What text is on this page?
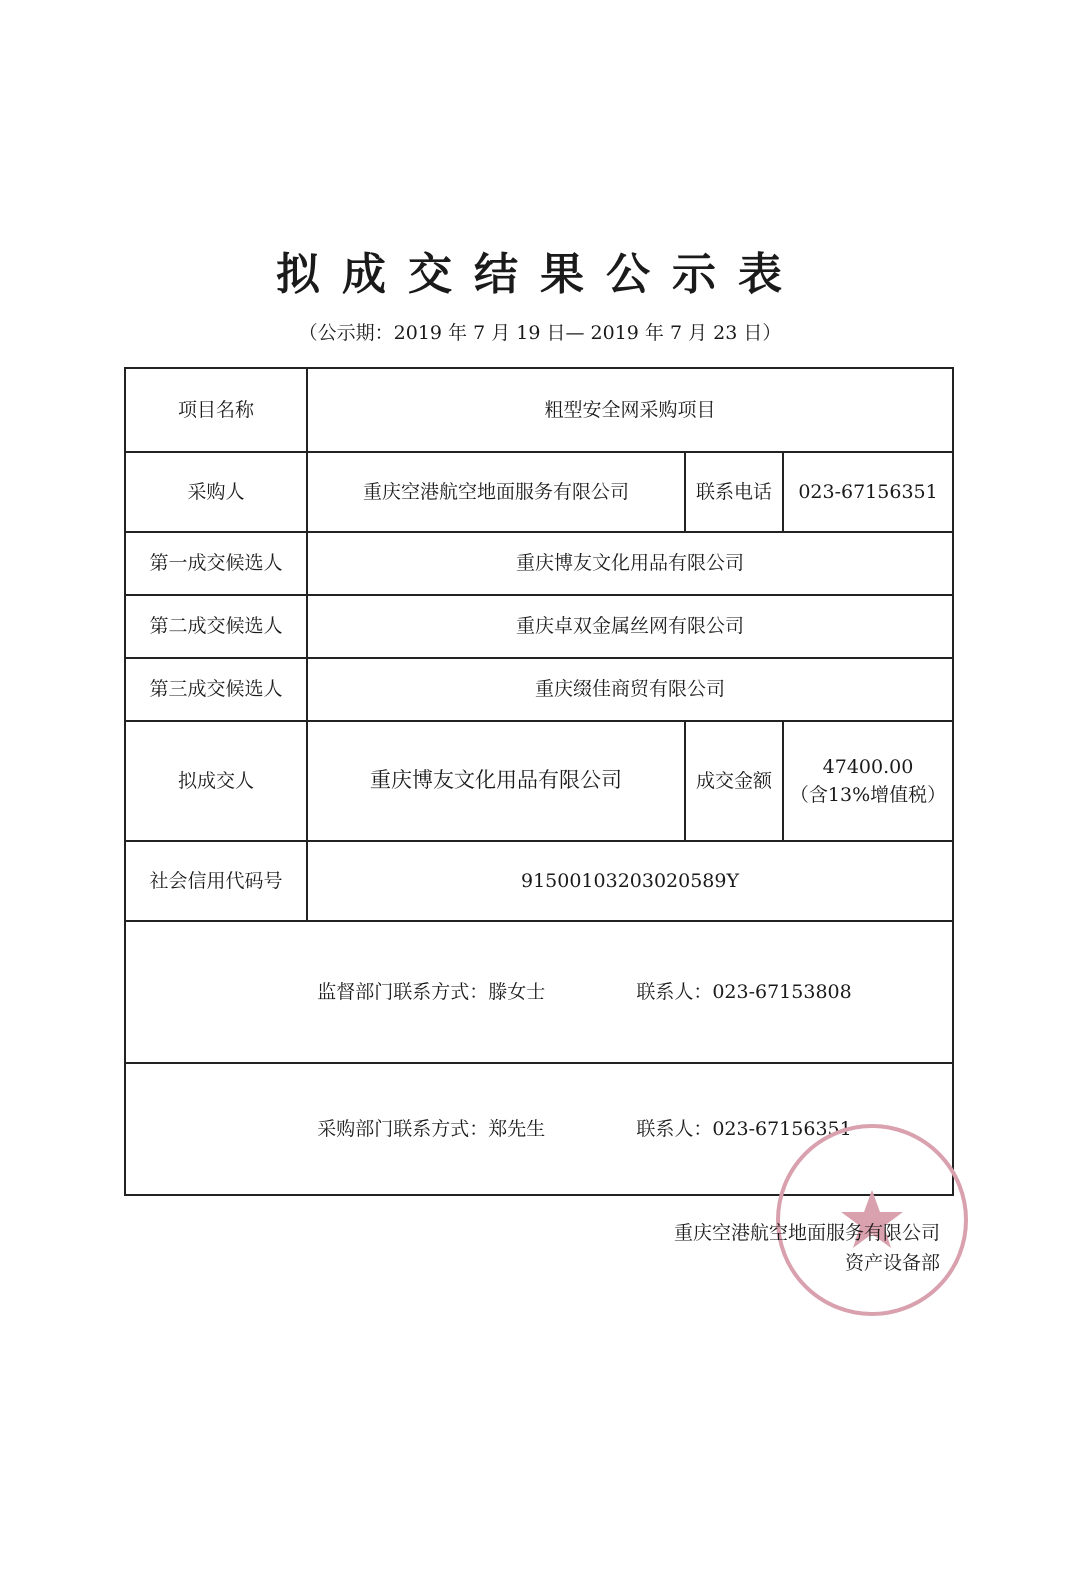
拟成交结果公示表
（公示期：2019 年 7 月 19 日— 2019 年 7 月 23 日）
项目名称	粗型安全网采购项目		
采购人	重庆空港航空地面服务有限公司	联系电话	023-67156351
第一成交候选人	重庆博友文化用品有限公司		
第二成交候选人	重庆卓双金属丝网有限公司		
第三成交候选人	重庆缀佳商贸有限公司		
拟成交人	重庆博友文化用品有限公司	成交金额	47400.00
（含13%增值税）

社会信用代码号	91500103203020589Y		
监督部门联系方式：滕女士 联系人：023-67153808			
采购部门联系方式：郑先生 联系人：023-67156351			
重庆空港航空地面服务有限公司
资产设备部
